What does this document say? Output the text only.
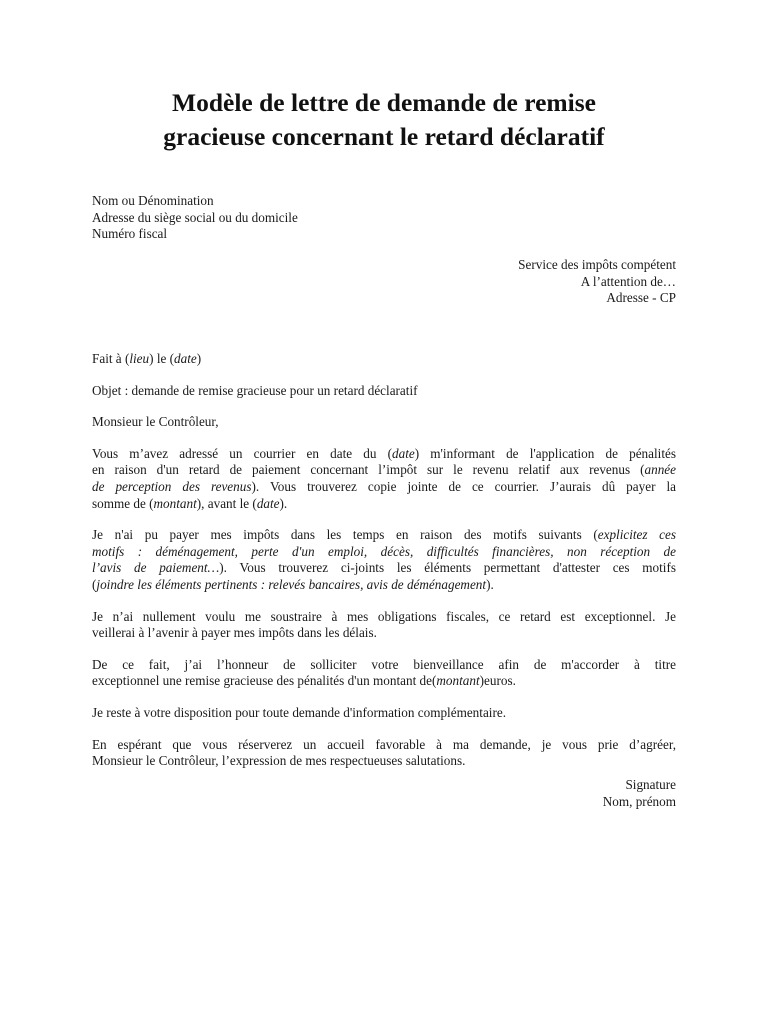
Modèle de lettre de demande de remise
gracieuse concernant le retard déclaratif
Nom ou Dénomination
Adresse du siège social ou du domicile
Numéro fiscal
Service des impôts compétent
A l’attention de…
Adresse - CP

Fait à (lieu) le (date)

Objet : demande de remise gracieuse pour un retard déclaratif

Monsieur le Contrôleur,

Vous m’avez adressé un courrier en date du (date) m'informant de l'application de pénalités
en raison d'un retard de paiement concernant l’impôt sur le revenu relatif aux revenus (année
de perception des revenus). Vous trouverez copie jointe de ce courrier. J’aurais dû payer la
somme de (montant), avant le (date).

Je n'ai pu payer mes impôts dans les temps en raison des motifs suivants (explicitez ces
motifs : déménagement, perte d'un emploi, décès, difficultés financières, non réception de
l’avis de paiement…). Vous trouverez ci-joints les éléments permettant d'attester ces motifs
(joindre les éléments pertinents : relevés bancaires, avis de déménagement).

Je n’ai nullement voulu me soustraire à mes obligations fiscales, ce retard est exceptionnel. Je
veillerai à l’avenir à payer mes impôts dans les délais.

De ce fait, j’ai l’honneur de solliciter votre bienveillance afin de m'accorder à titre
exceptionnel une remise gracieuse des pénalités d'un montant de(montant)euros.

Je reste à votre disposition pour toute demande d'information complémentaire.

En espérant que vous réserverez un accueil favorable à ma demande, je vous prie d’agréer,
Monsieur le Contrôleur, l’expression de mes respectueuses salutations.

Signature
Nom, prénom
